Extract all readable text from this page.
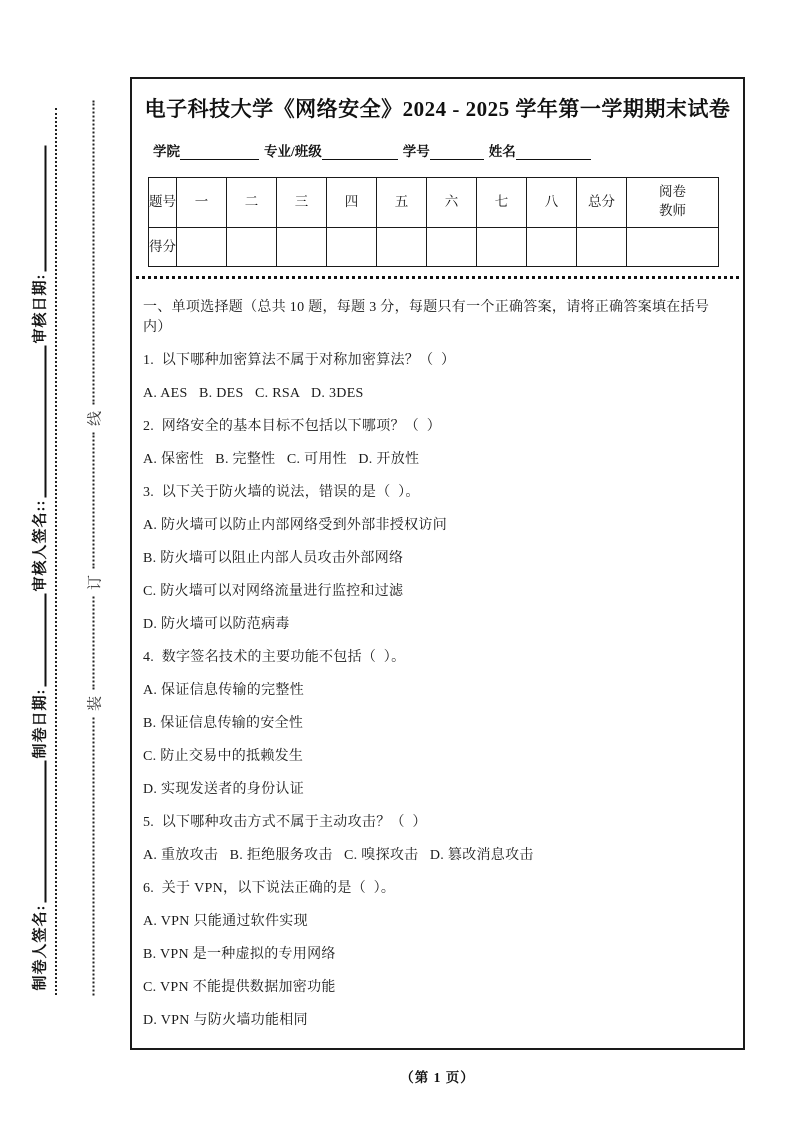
制卷人签名:
制卷日期:
审核人签名::
审核日期:
装
订
线
电子科技大学《网络安全》2024 - 2025 学年第一学期期末试卷
学院	专业/班级	学号	姓名
题号	一	二	三	四	五	六	七	八	总分	阅卷教师
得分										

一、单项选择题（总共 10 题，每题 3 分，每题只有一个正确答案，请将正确答案填在括号内）

1.  以下哪种加密算法不属于对称加密算法？（  ）

A. AES   B. DES   C. RSA   D. 3DES

2.  网络安全的基本目标不包括以下哪项？（  ）

A. 保密性   B. 完整性   C. 可用性   D. 开放性

3.  以下关于防火墙的说法，错误的是（  ）。

A. 防火墙可以防止内部网络受到外部非授权访问

B. 防火墙可以阻止内部人员攻击外部网络

C. 防火墙可以对网络流量进行监控和过滤

D. 防火墙可以防范病毒

4.  数字签名技术的主要功能不包括（  ）。

A. 保证信息传输的完整性

B. 保证信息传输的安全性

C. 防止交易中的抵赖发生

D. 实现发送者的身份认证

5.  以下哪种攻击方式不属于主动攻击？（  ）

A. 重放攻击   B. 拒绝服务攻击   C. 嗅探攻击   D. 篡改消息攻击

6.  关于 VPN，以下说法正确的是（  ）。

A. VPN 只能通过软件实现

B. VPN 是一种虚拟的专用网络

C. VPN 不能提供数据加密功能

D. VPN 与防火墙功能相同

（第 1 页）
